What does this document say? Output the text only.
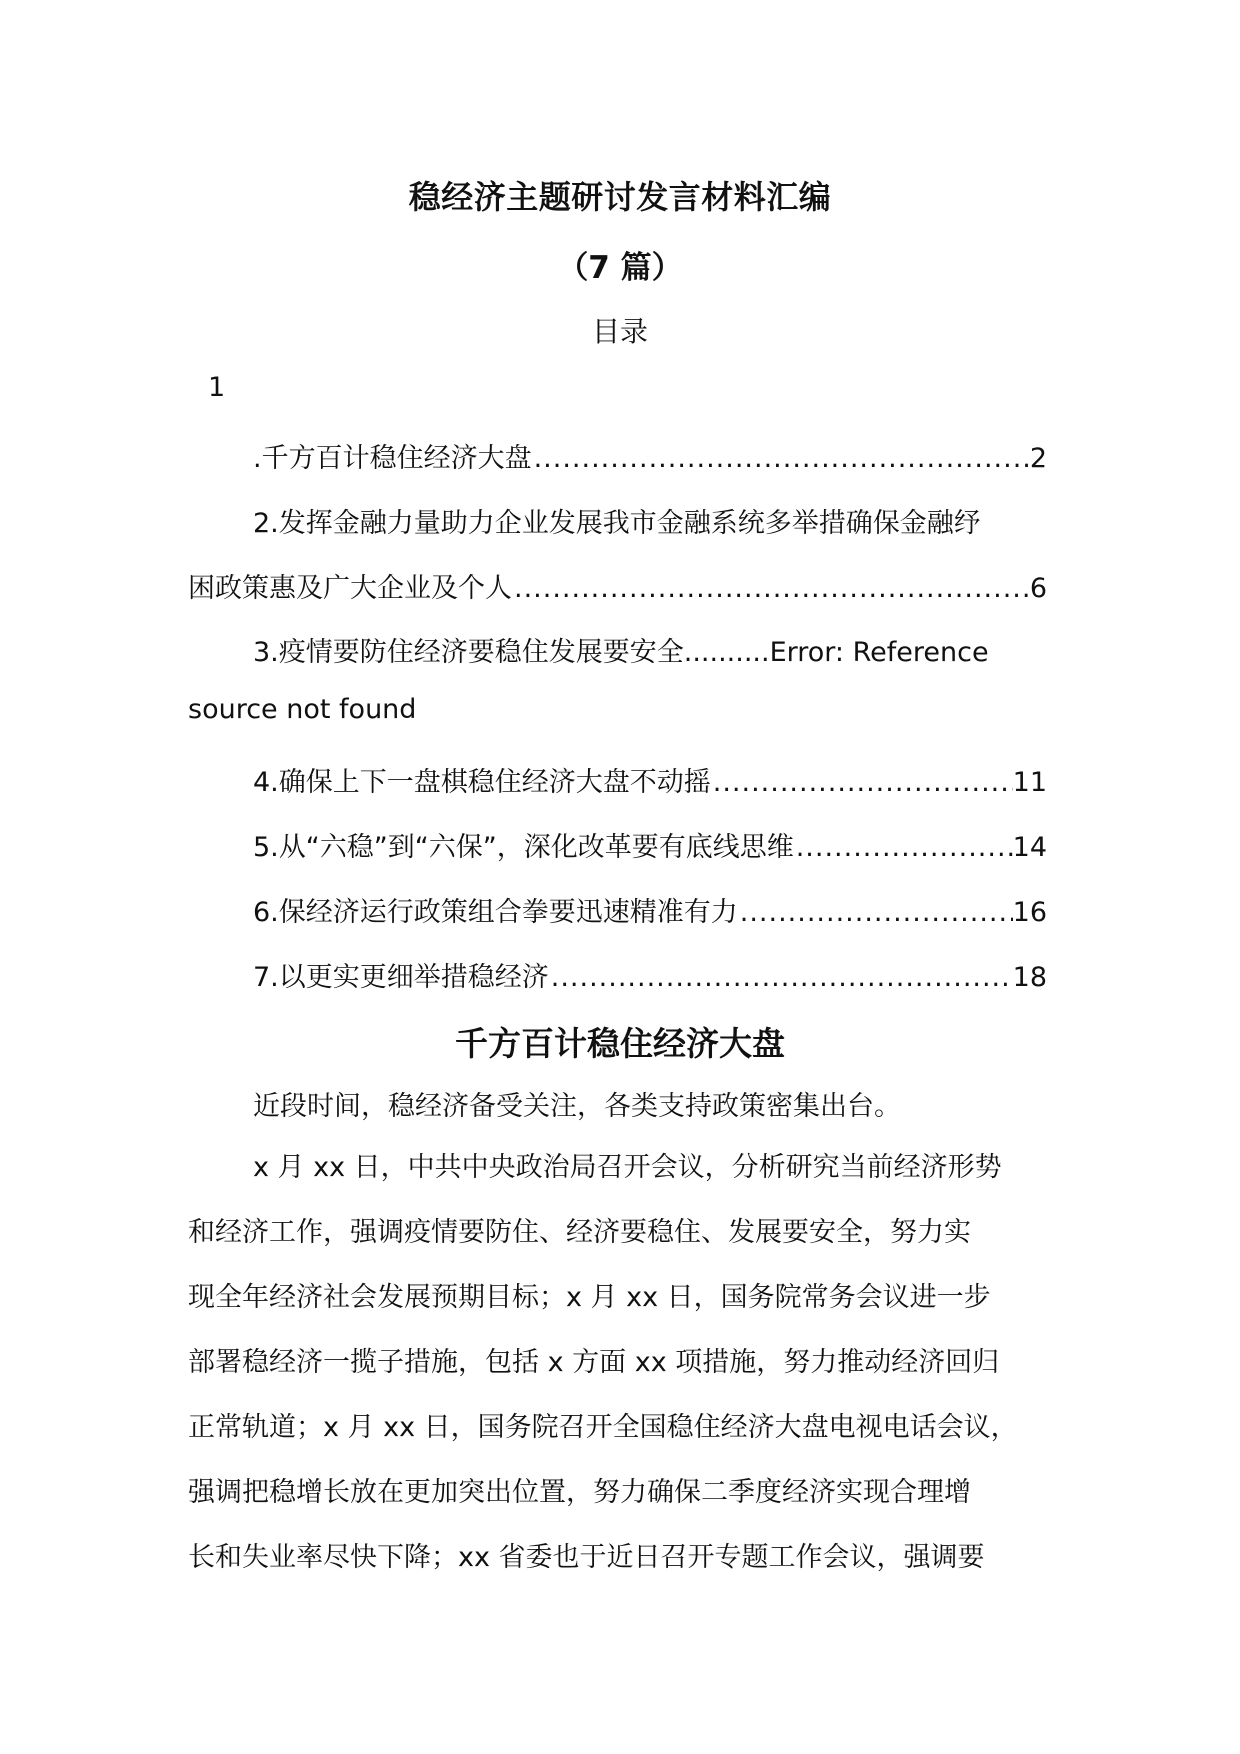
稳经济主题研讨发言材料汇编
（7 篇）
目录
1
.千方百计稳住经济大盘 .....	2
2.发挥金融力量助力企业发展我市金融系统多举措确保金融纾
困政策惠及广大企业及个人 .....	6
3.疫情要防住经济要稳住发展要安全..........Error: Reference
source not found
4.确保上下一盘棋稳住经济大盘不动摇 .....	11
5.从“六稳”到“六保”，深化改革要有底线思维 .....	14
6.保经济运行政策组合拳要迅速精准有力 .....	16
7.以更实更细举措稳经济 .....	18
千方百计稳住经济大盘
近段时间，稳经济备受关注，各类支持政策密集出台。
x 月 xx 日，中共中央政治局召开会议，分析研究当前经济形势
和经济工作，强调疫情要防住、经济要稳住、发展要安全，努力实
现全年经济社会发展预期目标；x 月 xx 日，国务院常务会议进一步
部署稳经济一揽子措施，包括 x 方面 xx 项措施，努力推动经济回归
正常轨道；x 月 xx 日，国务院召开全国稳住经济大盘电视电话会议，
强调把稳增长放在更加突出位置，努力确保二季度经济实现合理增
长和失业率尽快下降；xx 省委也于近日召开专题工作会议，强调要
